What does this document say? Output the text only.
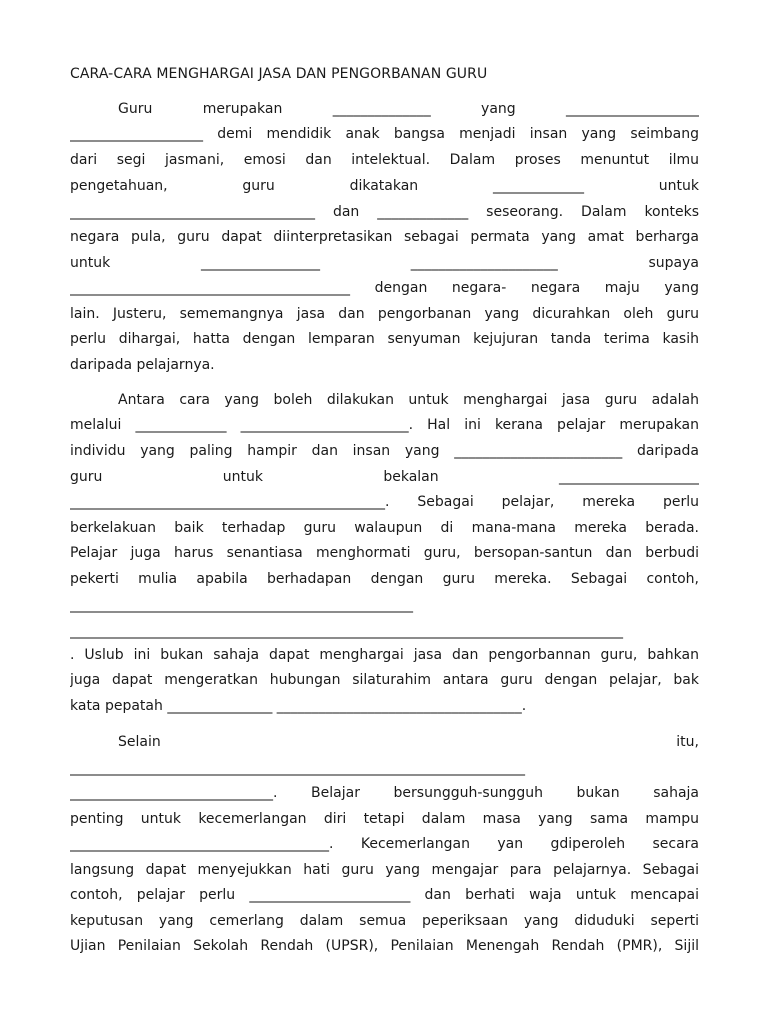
CARA-CARA MENGHARGAI JASA DAN PENGORBANAN GURU
Guru merupakan ______________ yang ___________________
___________________ demi mendidik anak bangsa menjadi insan yang seimbang
dari segi jasmani, emosi dan intelektual. Dalam proses menuntut ilmu
pengetahuan, guru dikatakan _____________ untuk
___________________________________ dan _____________ seseorang. Dalam konteks
negara pula, guru dapat diinterpretasikan sebagai permata yang amat berharga
untuk _________________ _____________________ supaya
________________________________________ dengan negara- negara maju yang
lain. Justeru, sememangnya jasa dan pengorbanan yang dicurahkan oleh guru
perlu dihargai, hatta dengan lemparan senyuman kejujuran tanda terima kasih
daripada pelajarnya.
Antara cara yang boleh dilakukan untuk menghargai jasa guru adalah
melalui _____________ ________________________. Hal ini kerana pelajar merupakan
individu yang paling hampir dan insan yang ________________________ daripada
guru untuk bekalan ____________________
_____________________________________________. Sebagai pelajar, mereka perlu
berkelakuan baik terhadap guru walaupun di mana-mana mereka berada.
Pelajar juga harus senantiasa menghormati guru, bersopan-santun dan berbudi
pekerti mulia apabila berhadapan dengan guru mereka. Sebagai contoh,
_________________________________________________
_______________________________________________________________________________
. Uslub ini bukan sahaja dapat menghargai jasa dan pengorbannan guru, bahkan
juga dapat mengeratkan hubungan silaturahim antara guru dengan pelajar, bak
kata pepatah _______________ ___________________________________.
Selain itu,
_________________________________________________________________
_____________________________. Belajar bersungguh-sungguh bukan sahaja
penting untuk kecemerlangan diri tetapi dalam masa yang sama mampu
_____________________________________. Kecemerlangan yan gdiperoleh secara
langsung dapat menyejukkan hati guru yang mengajar para pelajarnya. Sebagai
contoh, pelajar perlu _______________________ dan berhati waja untuk mencapai
keputusan yang cemerlang dalam semua peperiksaan yang diduduki seperti
Ujian Penilaian Sekolah Rendah (UPSR), Penilaian Menengah Rendah (PMR), Sijil
